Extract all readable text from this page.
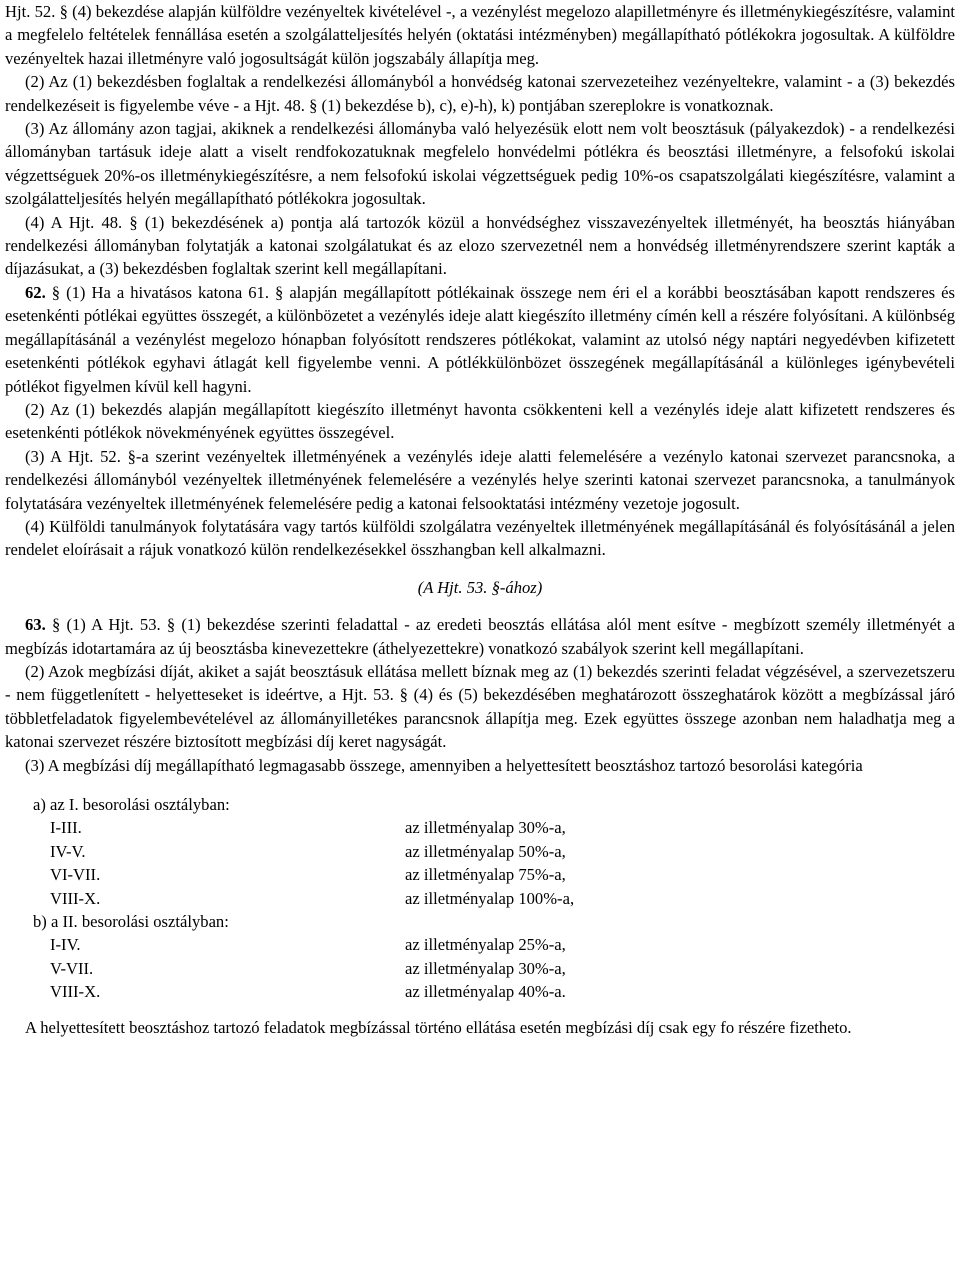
Hjt. 52. § (4) bekezdése alapján külföldre vezényeltek kivételével -, a vezénylést megelozo alapilletményre és illetménykiegészítésre, valamint a megfelelo feltételek fennállása esetén a szolgálatteljesítés helyén (oktatási intézményben) megállapítható pótlékokra jogosultak. A külföldre vezényeltek hazai illetményre való jogosultságát külön jogszabály állapítja meg.

(2) Az (1) bekezdésben foglaltak a rendelkezési állományból a honvédség katonai szervezeteihez vezényeltekre, valamint - a (3) bekezdés rendelkezéseit is figyelembe véve - a Hjt. 48. § (1) bekezdése b), c), e)-h), k) pontjában szereplokre is vonatkoznak.

(3) Az állomány azon tagjai, akiknek a rendelkezési állományba való helyezésük elott nem volt beosztásuk (pályakezdok) - a rendelkezési állományban tartásuk ideje alatt a viselt rendfokozatuknak megfelelo honvédelmi pótlékra és beosztási illetményre, a felsofokú iskolai végzettséguek 20%-os illetménykiegészítésre, a nem felsofokú iskolai végzettséguek pedig 10%-os csapatszolgálati kiegészítésre, valamint a szolgálatteljesítés helyén megállapítható pótlékokra jogosultak.

(4) A Hjt. 48. § (1) bekezdésének a) pontja alá tartozók közül a honvédséghez visszavezényeltek illetményét, ha beosztás hiányában rendelkezési állományban folytatják a katonai szolgálatukat és az elozo szervezetnél nem a honvédség illetményrendszere szerint kapták a díjazásukat, a (3) bekezdésben foglaltak szerint kell megállapítani.

62. § (1) Ha a hivatásos katona 61. § alapján megállapított pótlékainak összege nem éri el a korábbi beosztásában kapott rendszeres és esetenkénti pótlékai együttes összegét, a különbözetet a vezénylés ideje alatt kiegészíto illetmény címén kell a részére folyósítani. A különbség megállapításánál a vezénylést megelozo hónapban folyósított rendszeres pótlékokat, valamint az utolsó négy naptári negyedévben kifizetett esetenkénti pótlékok egyhavi átlagát kell figyelembe venni. A pótlékkülönbözet összegének megállapításánál a különleges igénybevételi pótlékot figyelmen kívül kell hagyni.

(2) Az (1) bekezdés alapján megállapított kiegészíto illetményt havonta csökkenteni kell a vezénylés ideje alatt kifizetett rendszeres és esetenkénti pótlékok növekményének együttes összegével.

(3) A Hjt. 52. §-a szerint vezényeltek illetményének a vezénylés ideje alatti felemelésére a vezénylo katonai szervezet parancsnoka, a rendelkezési állományból vezényeltek illetményének felemelésére a vezénylés helye szerinti katonai szervezet parancsnoka, a tanulmányok folytatására vezényeltek illetményének felemelésére pedig a katonai felsooktatási intézmény vezetoje jogosult.

(4) Külföldi tanulmányok folytatására vagy tartós külföldi szolgálatra vezényeltek illetményének megállapításánál és folyósításánál a jelen rendelet eloírásait a rájuk vonatkozó külön rendelkezésekkel összhangban kell alkalmazni.

(A Hjt. 53. §-ához)

63. § (1) A Hjt. 53. § (1) bekezdése szerinti feladattal - az eredeti beosztás ellátása alól ment esítve - megbízott személy illetményét a megbízás idotartamára az új beosztásba kinevezettekre (áthelyezettekre) vonatkozó szabályok szerint kell megállapítani.

(2) Azok megbízási díját, akiket a saját beosztásuk ellátása mellett bíznak meg az (1) bekezdés szerinti feladat végzésével, a szervezetszeru - nem függetlenített - helyetteseket is ideértve, a Hjt. 53. § (4) és (5) bekezdésében meghatározott összeghatárok között a megbízással járó többletfeladatok figyelembevételével az állományilletékes parancsnok állapítja meg. Ezek együttes összege azonban nem haladhatja meg a katonai szervezet részére biztosított megbízási díj keret nagyságát.

(3) A megbízási díj megállapítható legmagasabb összege, amennyiben a helyettesített beosztáshoz tartozó besorolási kategória

a) az I. besorolási osztályban:
I-III.	az illetményalap 30%-a,
IV-V.	az illetményalap 50%-a,
VI-VII.	az illetményalap 75%-a,
VIII-X.	az illetményalap 100%-a,
b) a II. besorolási osztályban:
I-IV.	az illetményalap 25%-a,
V-VII.	az illetményalap 30%-a,
VIII-X.	az illetményalap 40%-a.

A helyettesített beosztáshoz tartozó feladatok megbízással történo ellátása esetén megbízási díj csak egy fo részére fizetheto.
